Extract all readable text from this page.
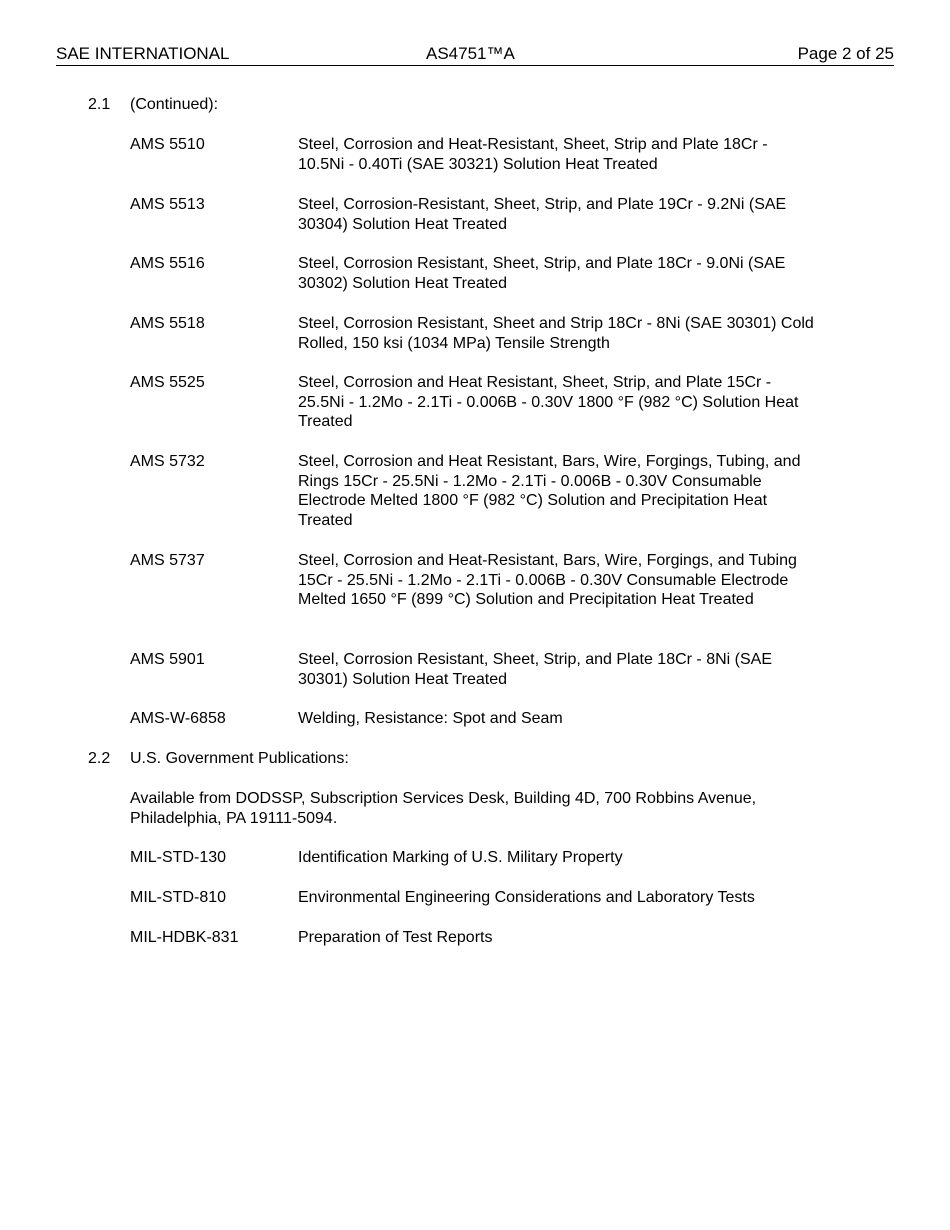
SAE INTERNATIONAL	AS4751™A	Page 2 of 25
2.1 (Continued):
AMS 5510	Steel, Corrosion and Heat-Resistant, Sheet, Strip and Plate 18Cr - 10.5Ni - 0.40Ti (SAE 30321) Solution Heat Treated
AMS 5513	Steel, Corrosion-Resistant, Sheet, Strip, and Plate 19Cr - 9.2Ni (SAE 30304) Solution Heat Treated
AMS 5516	Steel, Corrosion Resistant, Sheet, Strip, and Plate 18Cr - 9.0Ni (SAE 30302) Solution Heat Treated
AMS 5518	Steel, Corrosion Resistant, Sheet and Strip 18Cr - 8Ni (SAE 30301) Cold Rolled, 150 ksi (1034 MPa) Tensile Strength
AMS 5525	Steel, Corrosion and Heat Resistant, Sheet, Strip, and Plate 15Cr - 25.5Ni - 1.2Mo - 2.1Ti - 0.006B - 0.30V 1800 °F (982 °C) Solution Heat Treated
AMS 5732	Steel, Corrosion and Heat Resistant, Bars, Wire, Forgings, Tubing, and Rings 15Cr - 25.5Ni - 1.2Mo - 2.1Ti - 0.006B - 0.30V Consumable Electrode Melted 1800 °F (982 °C) Solution and Precipitation Heat Treated
AMS 5737	Steel, Corrosion and Heat-Resistant, Bars, Wire, Forgings, and Tubing 15Cr - 25.5Ni - 1.2Mo - 2.1Ti - 0.006B - 0.30V Consumable Electrode Melted 1650 °F (899 °C) Solution and Precipitation Heat Treated
AMS 5901	Steel, Corrosion Resistant, Sheet, Strip, and Plate 18Cr - 8Ni (SAE 30301) Solution Heat Treated
AMS-W-6858	Welding, Resistance: Spot and Seam
2.2 U.S. Government Publications:
Available from DODSSP, Subscription Services Desk, Building 4D, 700 Robbins Avenue, Philadelphia, PA 19111-5094.
MIL-STD-130	Identification Marking of U.S. Military Property
MIL-STD-810	Environmental Engineering Considerations and Laboratory Tests
MIL-HDBK-831	Preparation of Test Reports
